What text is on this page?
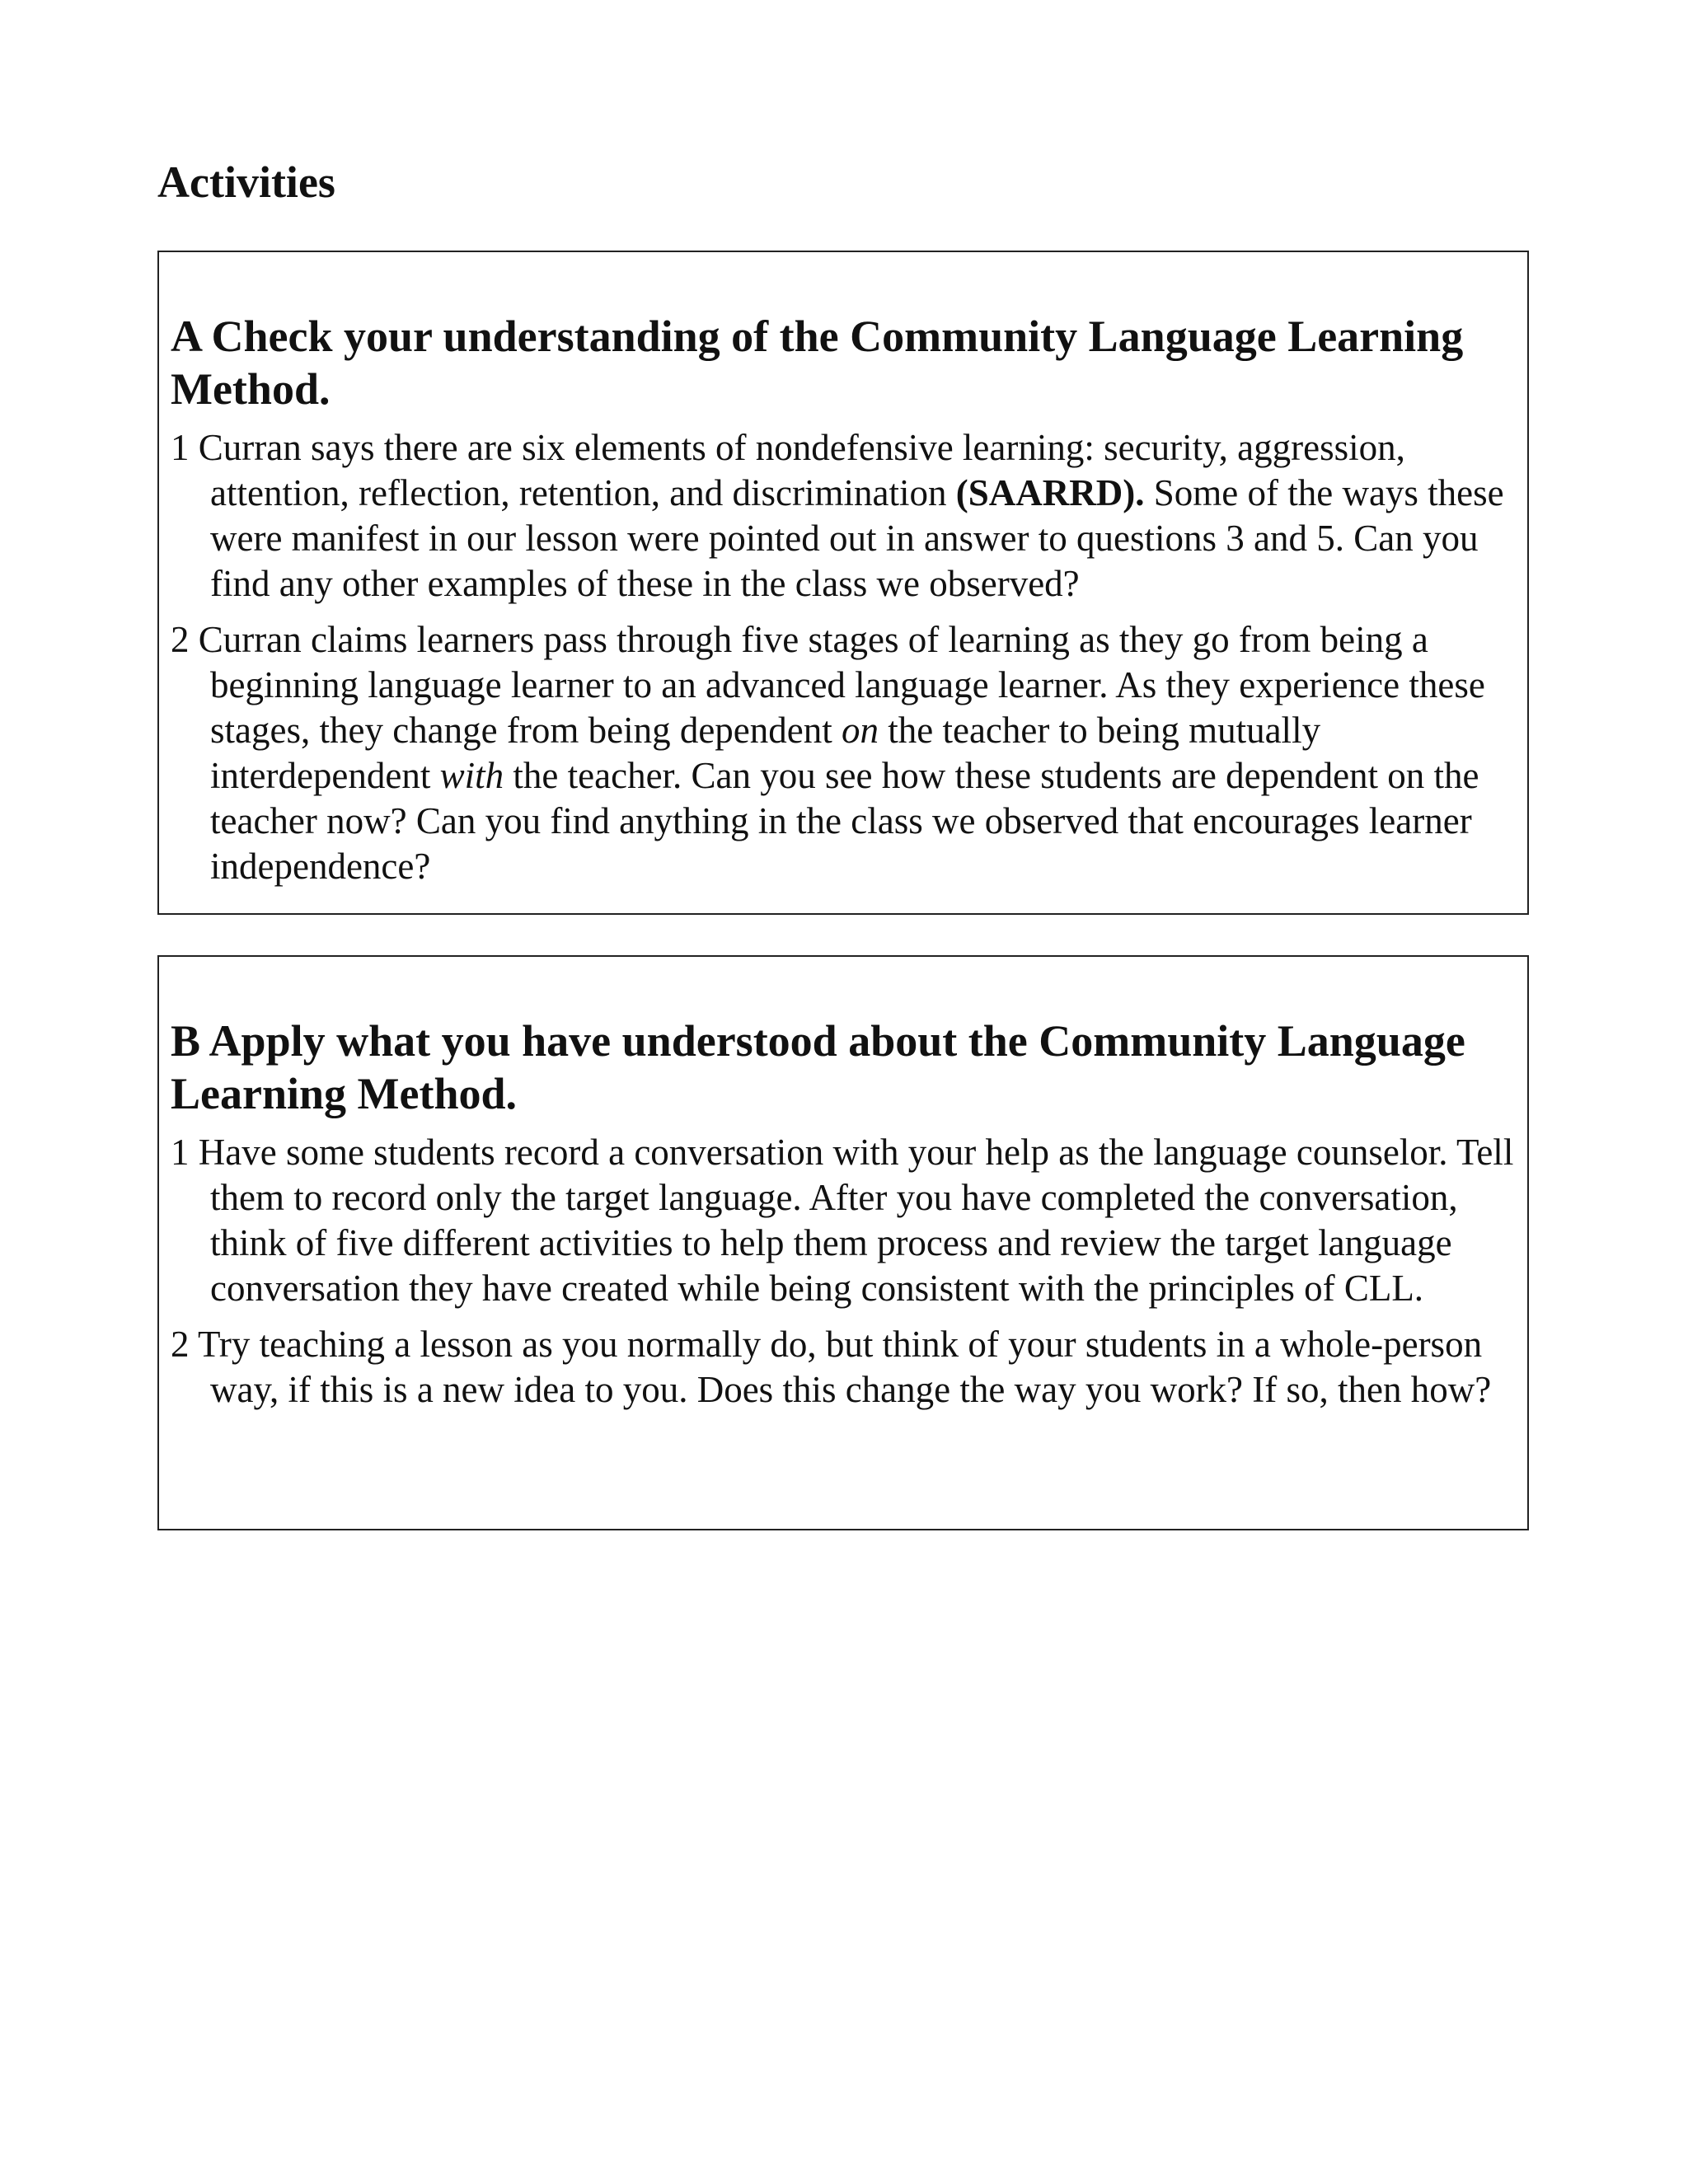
Activities
A Check your understanding of the Community Language Learning Method.

1 Curran says there are six elements of nondefensive learning: security, aggression, attention, reflection, retention, and discrimination (SAARRD). Some of the ways these were manifest in our lesson were pointed out in answer to questions 3 and 5. Can you find any other examples of these in the class we observed?

2 Curran claims learners pass through five stages of learning as they go from being a beginning language learner to an advanced language learner. As they experience these stages, they change from being dependent on the teacher to being mutually interdependent with the teacher. Can you see how these students are dependent on the teacher now? Can you find anything in the class we observed that encourages learner independence?

B Apply what you have understood about the Community Language Learning Method.

1 Have some students record a conversation with your help as the language counselor. Tell them to record only the target language. After you have completed the conversation, think of five different activities to help them process and review the target language conversation they have created while being consistent with the principles of CLL.

2 Try teaching a lesson as you normally do, but think of your students in a whole-person way, if this is a new idea to you. Does this change the way you work? If so, then how?
